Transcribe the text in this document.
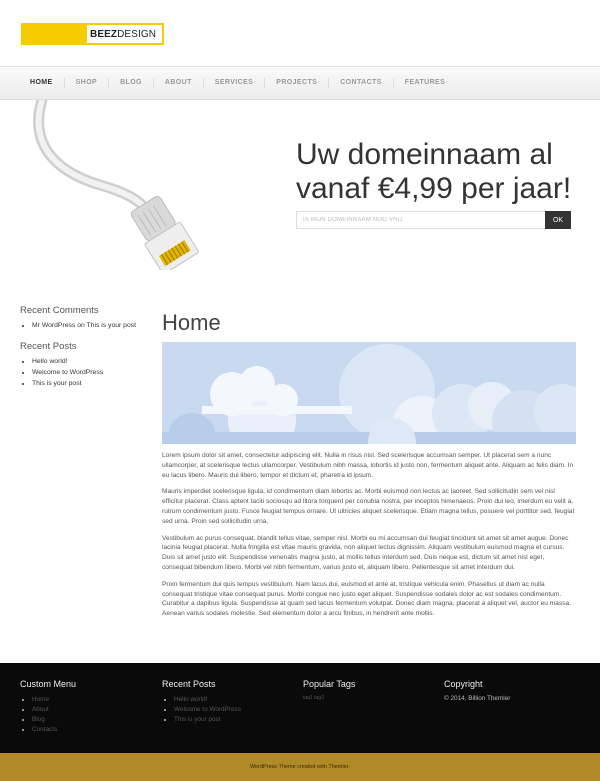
BEEZ DESIGN
HOME	SHOP	BLOG	ABOUT	SERVICES	PROJECTS	CONTACTS	FEATURES
Uw domeinnaam al
vanaf €4,99 per jaar!
IS MIJN DOMEINNAAM NOG VRIJ
OK
Recent Comments
• Mr WordPress on This is your post
Recent Posts
• Hello world!
• Welcome to WordPress
• This is your post
Home

Lorem ipsum dolor sit amet, consectetur adipiscing elit. Nulla in risus nisl. Sed scelerisque accumsan semper. Ut placerat sem a nunc ullamcorper, at scelerisque lectus ullamcorper. Vestibulum nibh massa, lobortis id justo non, fermentum aliquet ante. Aliquam ac felis diam. In eu lacus libero. Mauris dui libero, tempor et dictum et, pharetra id ipsum.

Mauris imperdiet scelerisque ligula, id condimentum diam lobortis ac. Morbi euismod non lectus ac laoreet. Sed sollicitudin sem vel nisl efficitur placerat. Class aptent taciti sociosqu ad litora torquent per conubia nostra, per inceptos himenaeos. Proin dui leo, interdum eu velit a, rutrum condimentum justo. Fusce feugiat tempus ornare. Ut ultricies aliquet scelerisque. Etiam magna tellus, posuere vel porttitor sed, feugiat sed urna. Proin sed sollicitudin urna.

Vestibulum ac purus consequat, blandit tellus vitae, semper nisl. Morbi eu mi accumsan dui feugiat tincidunt sit amet sit amet augue. Donec lacinia feugiat placerat. Nulla fringilla est vitae mauris gravida, non aliquet lectus dignissim. Aliquam vestibulum euismod magna et cursus. Duis sit amet justo elit. Suspendisse venenatis magna justo, at mollis tellus interdum sed. Duis neque est, dictum sit amet nisl eget, consequat bibendum libero. Morbi vel nibh fermentum, varius justo et, aliquam libero. Pellentesque sit amet interdum dui.

Proin fermentum dui quis tempus vestibulum. Nam lacus dui, euismod et ante at, tristique vehicula enim. Phasellus ut diam ac nulla consequat tristique vitae consequat purus. Morbi congue nec justo eget aliquet. Suspendisse sodales dolor ac est sodales condimentum. Curabitur a dapibus ligula. Suspendisse at quam sed lacus fermentum volutpat. Donec diam magna, placerat a aliquet vel, auctor eu massa. Aenean varius sodales molestie. Sed elementum dolor a arcu finibus, in hendrerit ante mollis.

Custom Menu
• Home
• About
• Blog
• Contacts
Recent Posts
• Hello world!
• Welcome to WordPress
• This is your post
Popular Tags
tag1 tag2
Copyright
© 2014, Billion Themler
WordPress Theme
created with
Themler .
